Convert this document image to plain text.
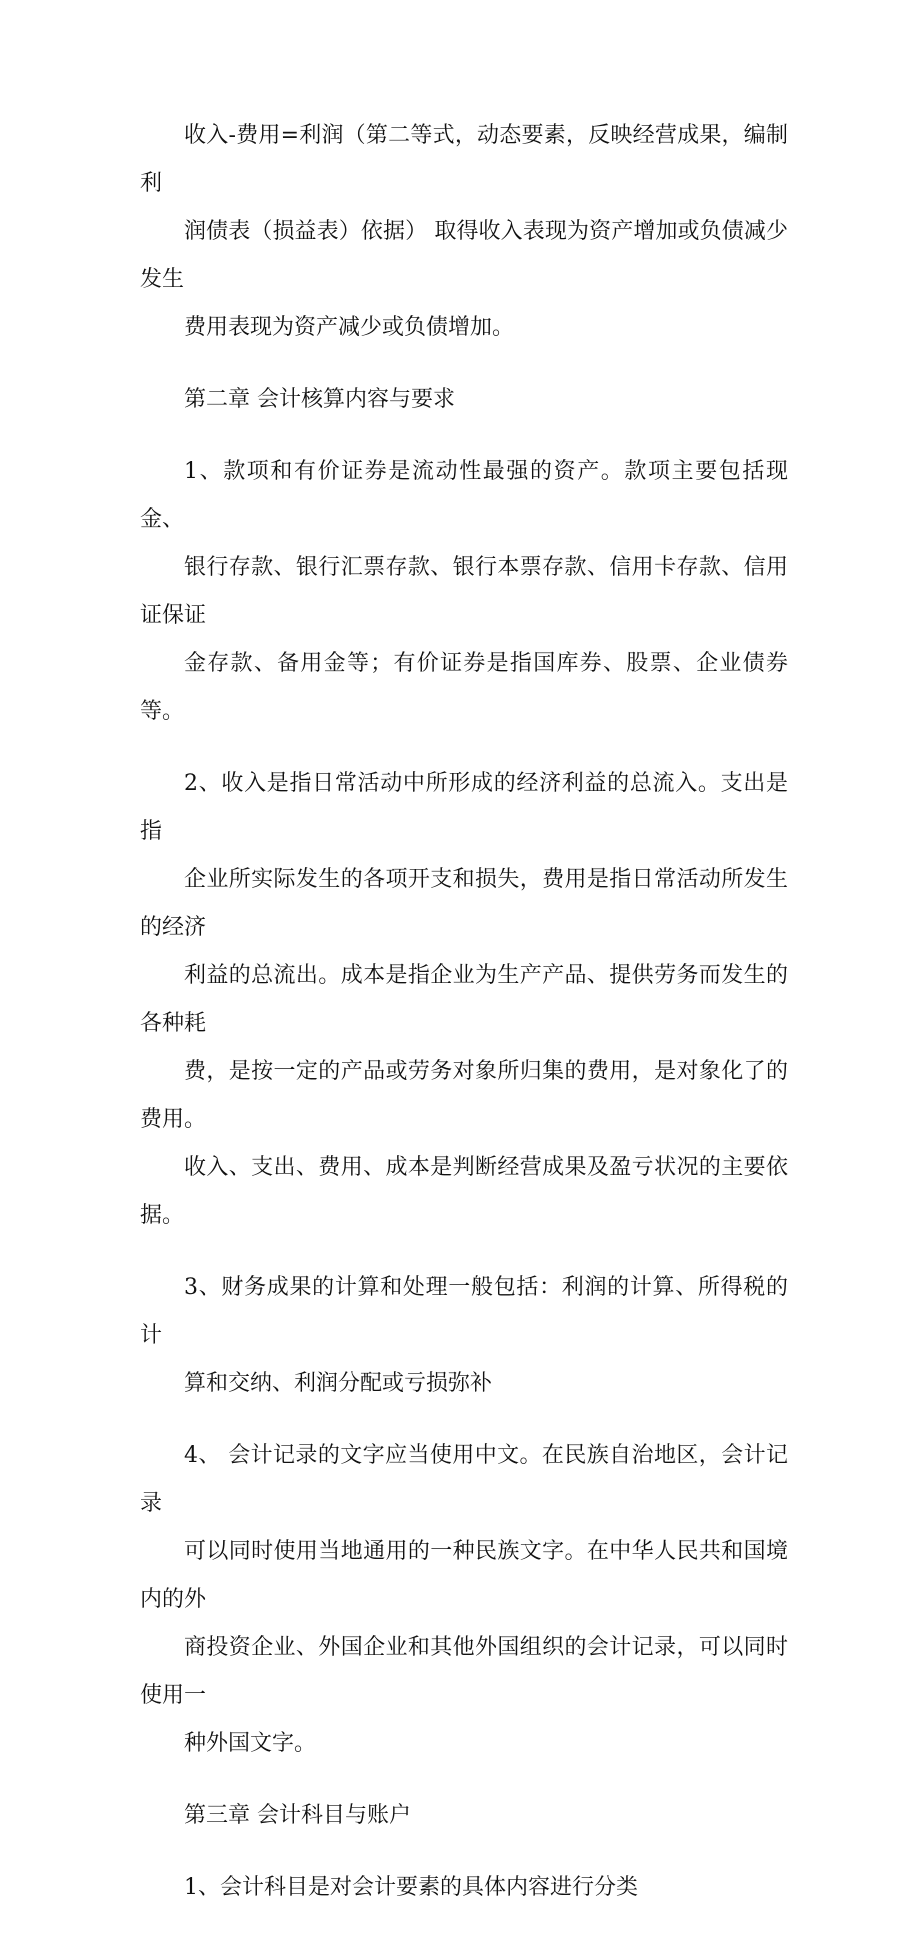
收入-费用=利润（第二等式，动态要素，反映经营成果，编制利
润债表（损益表）依据） 取得收入表现为资产增加或负债减少 发生
费用表现为资产减少或负债增加。

第二章 会计核算内容与要求

1、款项和有价证券是流动性最强的资产。款项主要包括现金、
银行存款、银行汇票存款、银行本票存款、信用卡存款、信用证保证
金存款、备用金等；有价证券是指国库券、股票、企业债券等。

2、收入是指日常活动中所形成的经济利益的总流入。支出是指
企业所实际发生的各项开支和损失，费用是指日常活动所发生的经济
利益的总流出。成本是指企业为生产产品、提供劳务而发生的各种耗
费，是按一定的产品或劳务对象所归集的费用，是对象化了的费用。
收入、支出、费用、成本是判断经营成果及盈亏状况的主要依据。

3、财务成果的计算和处理一般包括：利润的计算、所得税的计
算和交纳、利润分配或亏损弥补

4、 会计记录的文字应当使用中文。在民族自治地区，会计记录
可以同时使用当地通用的一种民族文字。在中华人民共和国境内的外
商投资企业、外国企业和其他外国组织的会计记录，可以同时使用一
种外国文字。

第三章 会计科目与账户

1、会计科目是对会计要素的具体内容进行分类
